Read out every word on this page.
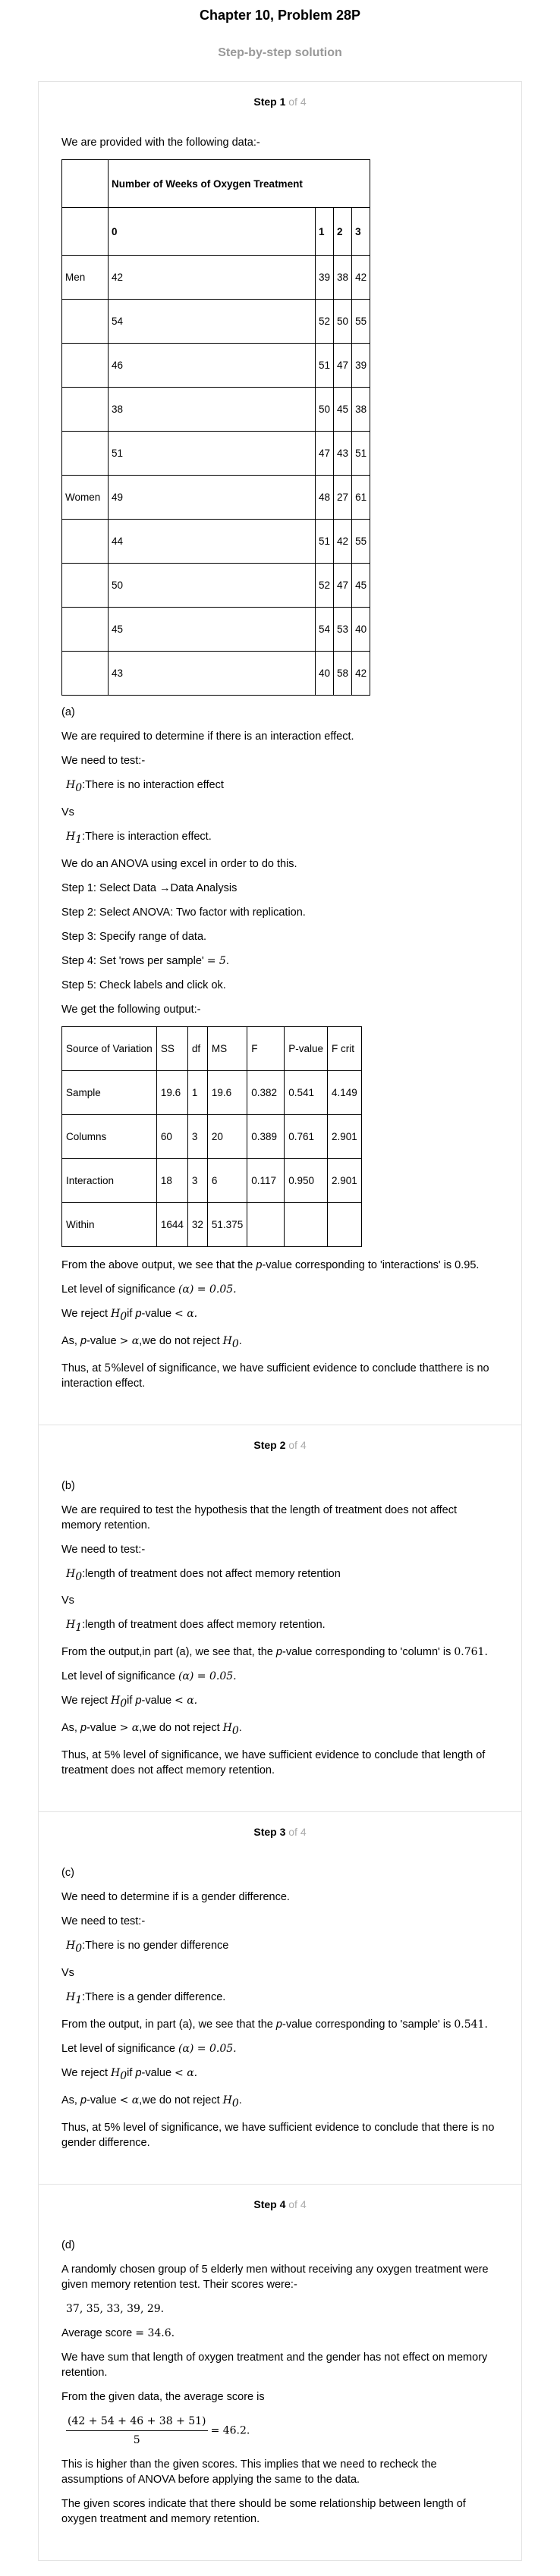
Chapter 10, Problem 28P
Step-by-step solution
Step 1 of 4

We are provided with the following data:-

	Number of Weeks of Oxygen Treatment			
	0	1	2	3
Men	42	39	38	42
	54	52	50	55
	46	51	47	39
	38	50	45	38
	51	47	43	51
Women	49	48	27	61
	44	51	42	55
	50	52	47	45
	45	54	53	40
	43	40	58	42

(a)

We are required to determine if there is an interaction effect.

We need to test:-

$H_0:There$ is no interaction effect

Vs

$H_1:There$ is interaction effect.

We do an ANOVA using excel in order to do this.

Step 1: Select Data →Data Analysis

Step 2: Select ANOVA: Two factor with replication.

Step 3: Specify range of data.

Step 4: Set 'rows per sample' = 5.

Step 5: Check labels and click ok.

We get the following output:-

Source of Variation	SS	df	MS	F	P-value	F crit
Sample	19.6	1	19.6	0.382	0.541	4.149
Columns	60	3	20	0.389	0.761	2.901
Interaction	18	3	6	0.117	0.950	2.901
Within	1644	32	51.375			

From the above output, we see that the p-value corresponding to 'interactions' is 0.95.

Let level of significance (α) = 0.05.

We reject $H_0if$ p-value < α.

As, p-value > α,we do not reject $H_0$.

Thus, at 5%level of significance, we have sufficient evidence to conclude thatthere is no interaction effect.

Step 2 of 4

(b)

We are required to test the hypothesis that the length of treatment does not affect memory retention.

We need to test:-

$H_0:length$ of treatment does not affect memory retention

Vs

$H_1:length$ of treatment does affect memory retention.

From the output,in part (a), we see that, the p-value corresponding to 'column' is 0.761.

Let level of significance (α) = 0.05.

We reject $H_0if$ p-value < α.

As, p-value > α,we do not reject $H_0$.

Thus, at 5% level of significance, we have sufficient evidence to conclude that length of treatment does not affect memory retention.

Step 3 of 4

(c)

We need to determine if is a gender difference.

We need to test:-

$H_0:There$ is no gender difference

Vs

$H_1:There$ is a gender difference.

From the output, in part (a), we see that the p-value corresponding to 'sample' is 0.541.

Let level of significance (α) = 0.05.

We reject $H_0if$ p-value < α.

As, p-value < α,we do not reject $H_0$.

Thus, at 5% level of significance, we have sufficient evidence to conclude that there is no gender difference.

Step 4 of 4

(d)

A randomly chosen group of 5 elderly men without receiving any oxygen treatment were given memory retention test. Their scores were:-

37, 35, 33, 39, 29.

Average score = 34.6.

We have sum that length of oxygen treatment and the gender has not effect on memory retention.

From the given data, the average score is

$\frac{(42 + 54 + 46 + 38 + 51)}{5} = 46.2$.

This is higher than the given scores. This implies that we need to recheck the assumptions of ANOVA before applying the same to the data.

The given scores indicate that there should be some relationship between length of oxygen treatment and memory retention.
